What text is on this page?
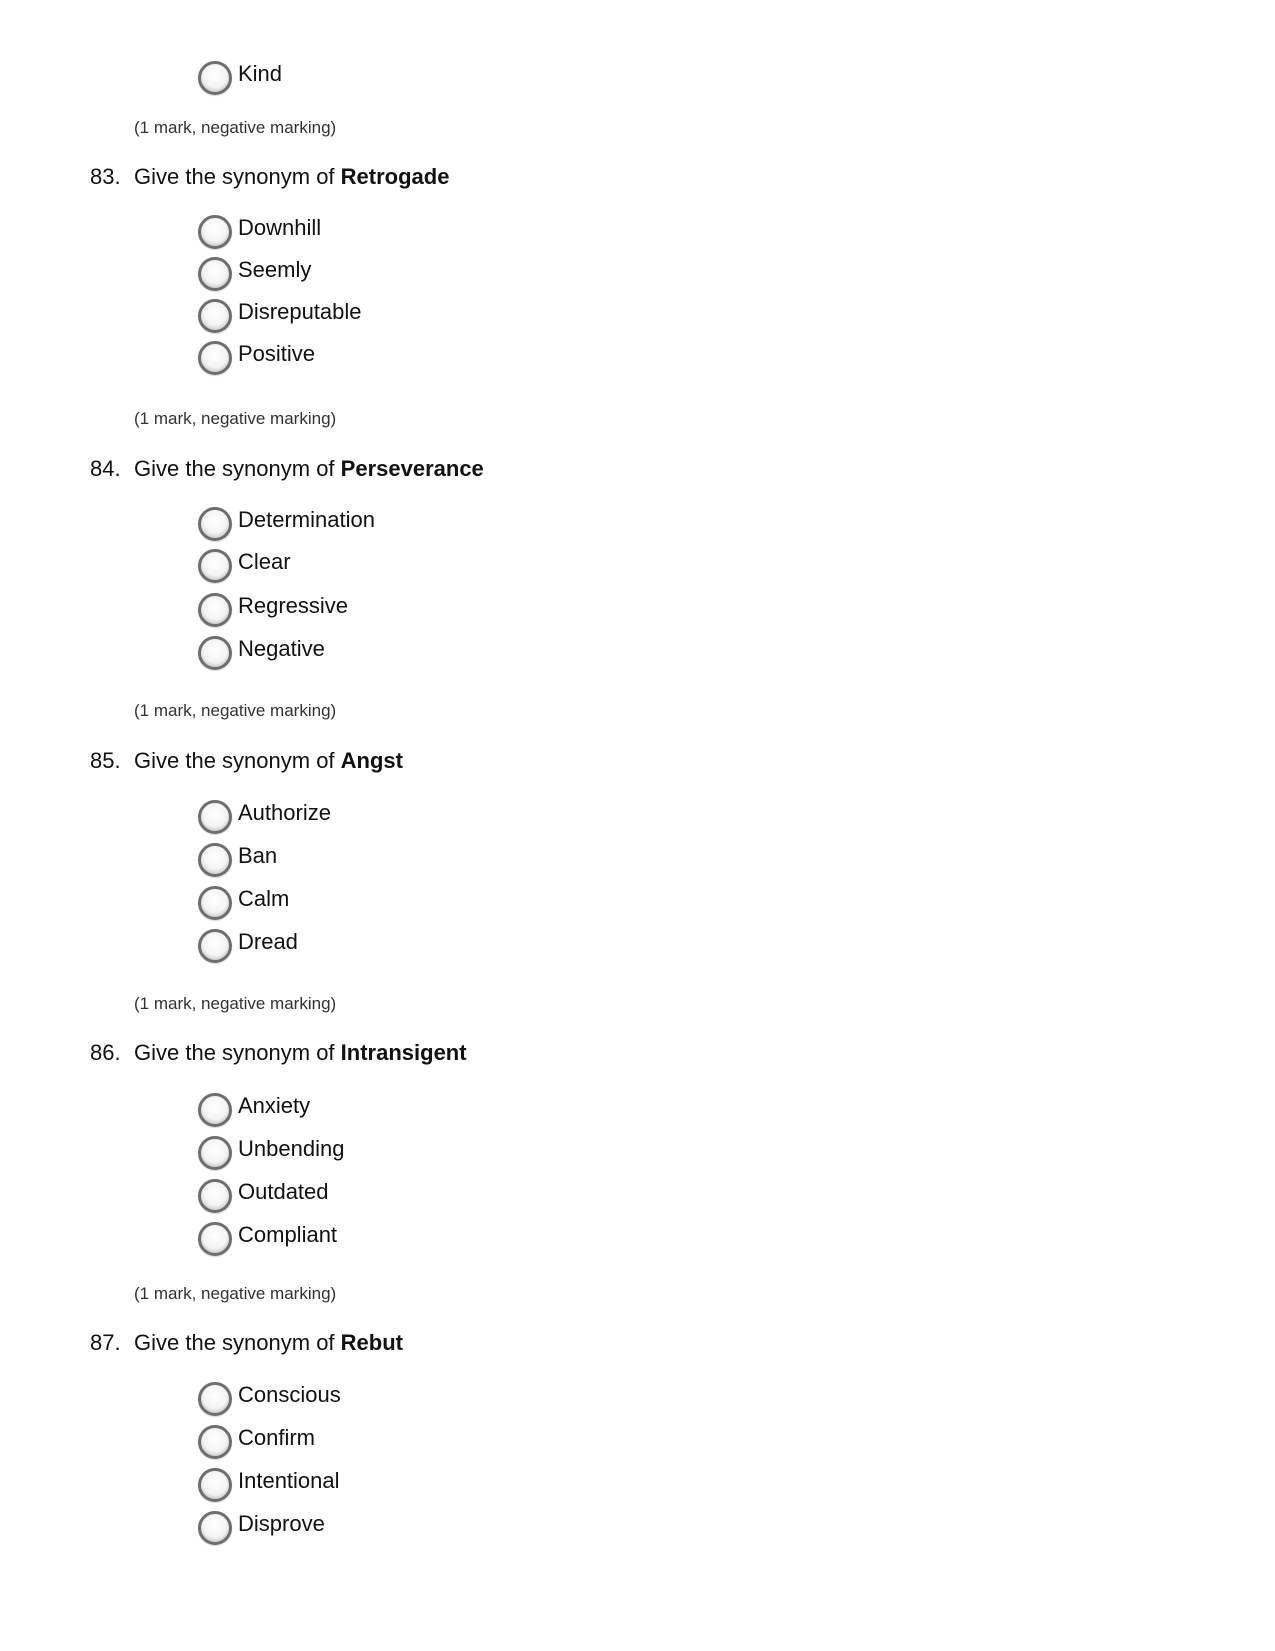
Kind
(1 mark, negative marking)
83. Give the synonym of Retrogade
Downhill
Seemly
Disreputable
Positive
(1 mark, negative marking)
84. Give the synonym of Perseverance
Determination
Clear
Regressive
Negative
(1 mark, negative marking)
85. Give the synonym of Angst
Authorize
Ban
Calm
Dread
(1 mark, negative marking)
86. Give the synonym of Intransigent
Anxiety
Unbending
Outdated
Compliant
(1 mark, negative marking)
87. Give the synonym of Rebut
Conscious
Confirm
Intentional
Disprove
